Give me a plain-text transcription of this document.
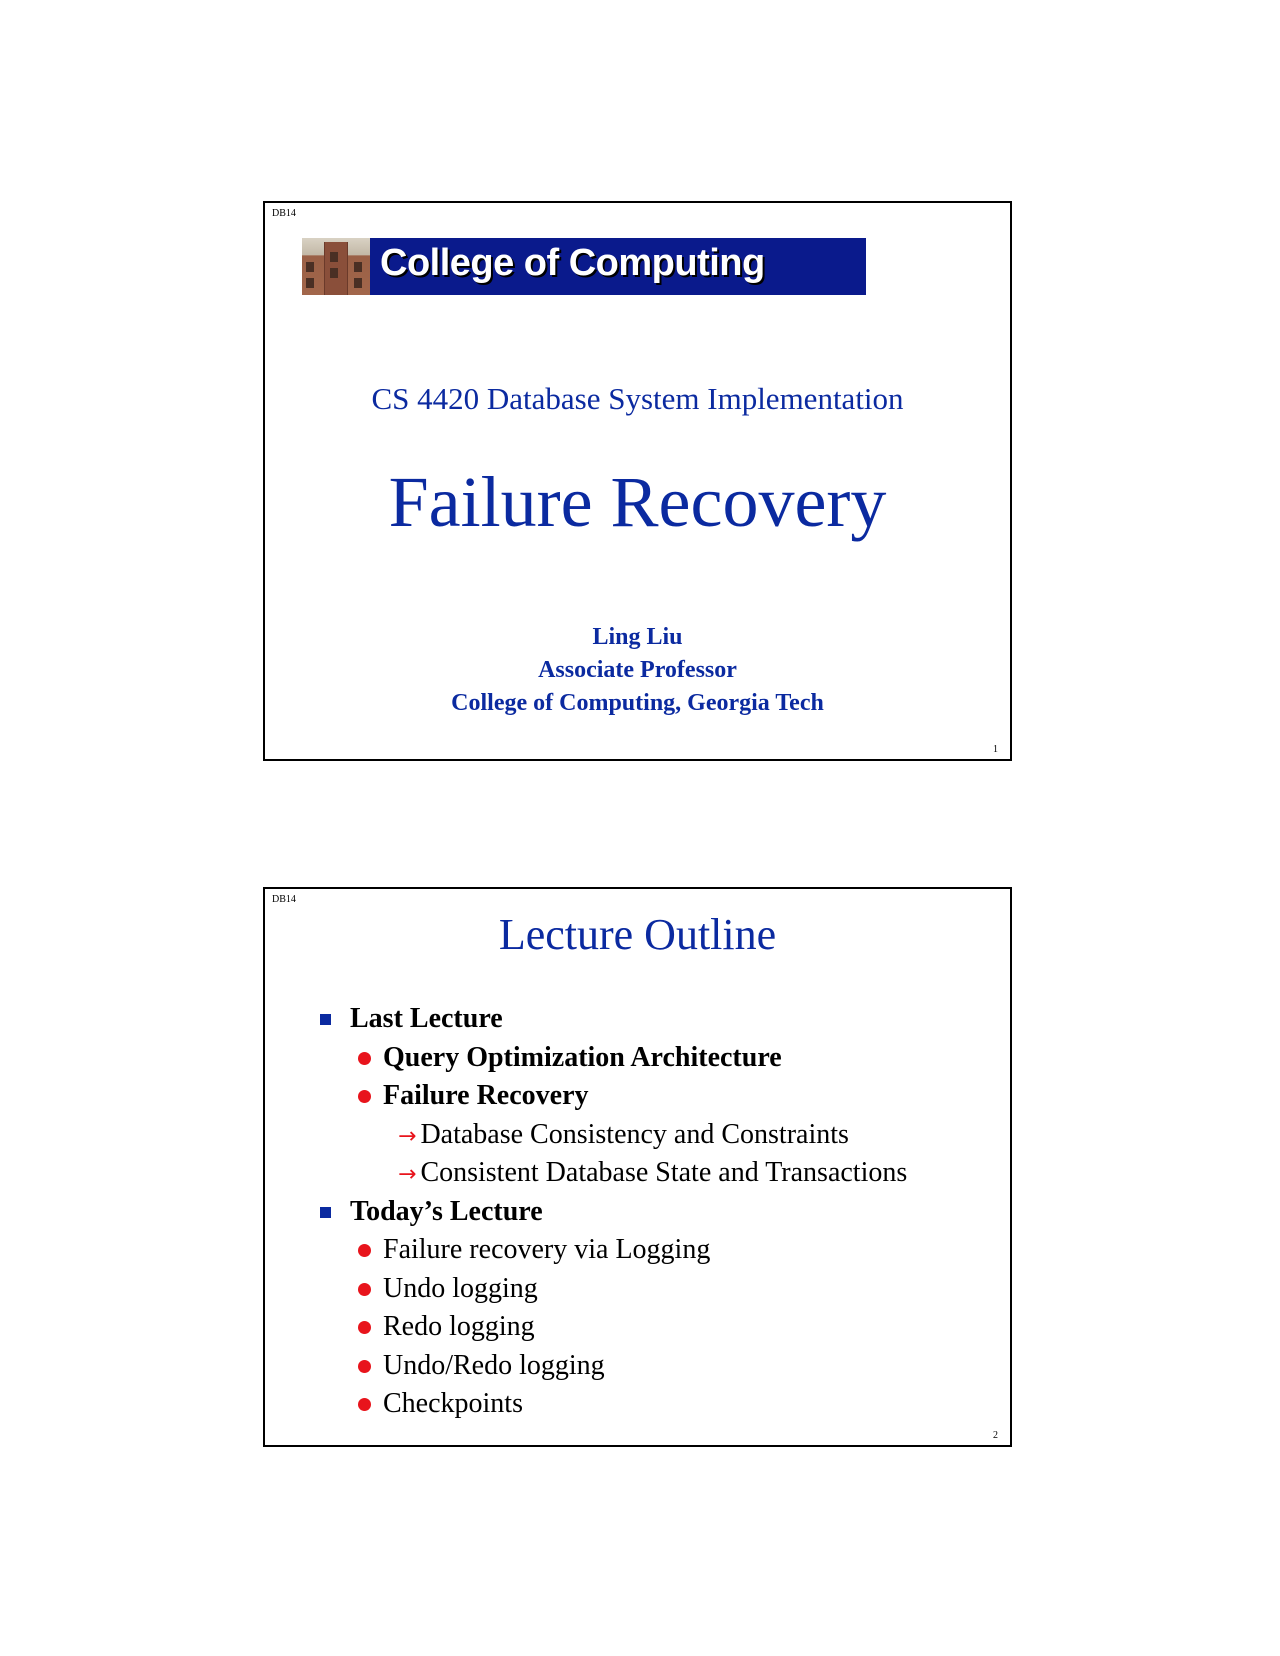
DB14
College of Computing
CS 4420 Database System Implementation
Failure Recovery
Ling Liu
Associate Professor
College of Computing, Georgia Tech
1
DB14
Lecture Outline
Last Lecture
Query Optimization Architecture
Failure Recovery
→ Database Consistency and Constraints
→ Consistent Database State and Transactions
Today’s Lecture
Failure recovery via Logging
Undo logging
Redo logging
Undo/Redo logging
Checkpoints
2
